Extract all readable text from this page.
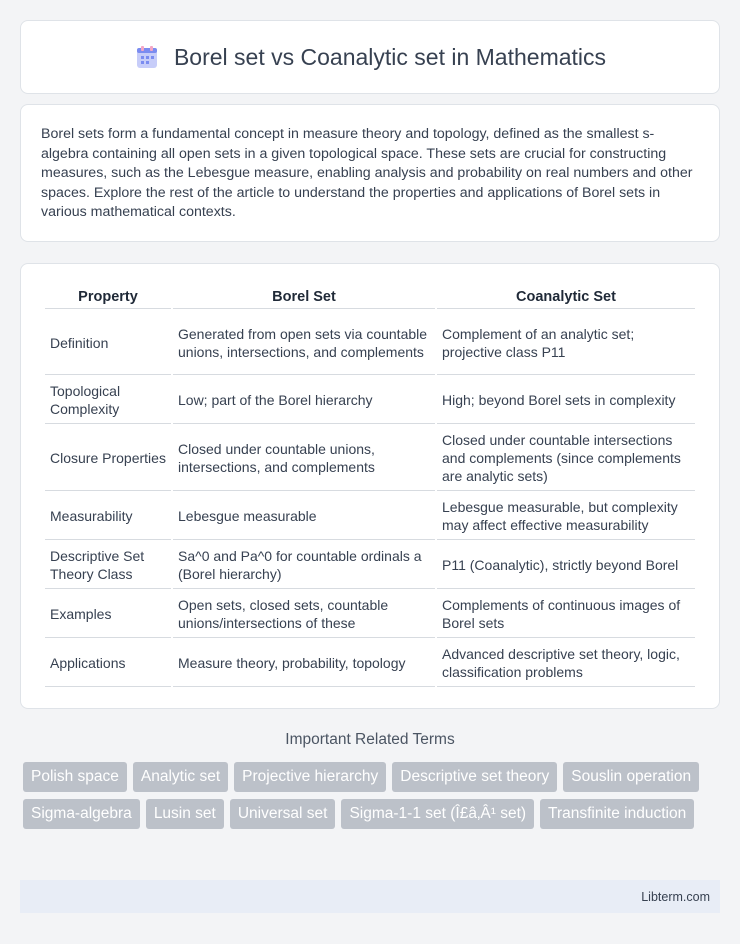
Borel set vs Coanalytic set in Mathematics

Borel sets form a fundamental concept in measure theory and topology, defined as the smallest s-algebra containing all open sets in a given topological space. These sets are crucial for constructing measures, such as the Lebesgue measure, enabling analysis and probability on real numbers and other spaces. Explore the rest of the article to understand the properties and applications of Borel sets in various mathematical contexts.

Property	Borel Set	Coanalytic Set
Definition	Generated from open sets via countable unions, intersections, and complements	Complement of an analytic set; projective class P11
Topological Complexity	Low; part of the Borel hierarchy	High; beyond Borel sets in complexity
Closure Properties	Closed under countable unions, intersections, and complements	Closed under countable intersections and complements (since complements are analytic sets)
Measurability	Lebesgue measurable	Lebesgue measurable, but complexity may affect effective measurability
Descriptive Set Theory Class	Sa^0 and Pa^0 for countable ordinals a (Borel hierarchy)	P11 (Coanalytic), strictly beyond Borel
Examples	Open sets, closed sets, countable unions/intersections of these	Complements of continuous images of Borel sets
Applications	Measure theory, probability, topology	Advanced descriptive set theory, logic, classification problems
Important Related Terms
Polish space	Analytic set	Projective hierarchy	Descriptive set theory	Souslin operation
Sigma-algebra	Lusin set	Universal set	Sigma-1-1 set (Î£â‚Â¹ set)	Transfinite induction
Libterm.com
